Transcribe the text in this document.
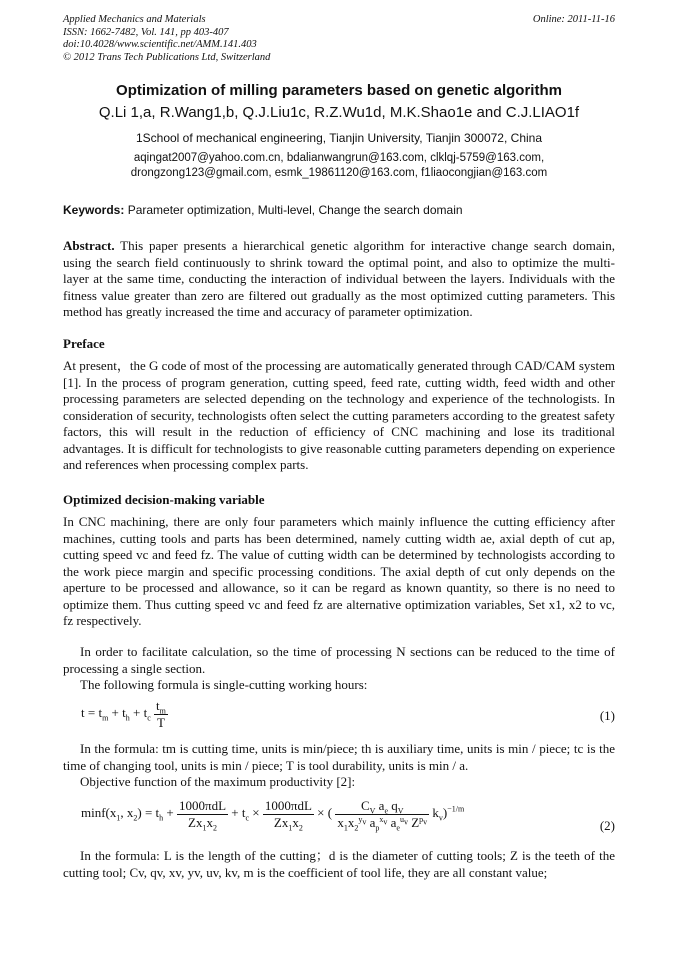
Applied Mechanics and Materials
ISSN: 1662-7482, Vol. 141, pp 403-407
doi:10.4028/www.scientific.net/AMM.141.403
© 2012 Trans Tech Publications Ltd, Switzerland
Online: 2011-11-16
Optimization of milling parameters based on genetic algorithm
Q.Li 1,a, R.Wang1,b, Q.J.Liu1c, R.Z.Wu1d, M.K.Shao1e and C.J.LIAO1f
1School of mechanical engineering, Tianjin University, Tianjin 300072, China
aqingat2007@yahoo.com.cn, bdalianwangrun@163.com, clklqj-5759@163.com,
drongzong123@gmail.com, esmk_19861120@163.com, f1liaocongjian@163.com
Keywords: Parameter optimization, Multi-level, Change the search domain
Abstract. This paper presents a hierarchical genetic algorithm for interactive change search domain, using the search field continuously to shrink toward the optimal point, and also to optimize the multi-layer at the same time, conducting the interaction of individual between the layers. Individuals with the fitness value greater than zero are filtered out gradually as the most optimized cutting parameters. This method has greatly increased the time and accuracy of parameter optimization.
Preface
At present，the G code of most of the processing are automatically generated through CAD/CAM system [1]. In the process of program generation, cutting speed, feed rate, cutting width, feed width and other processing parameters are selected depending on the technology and experience of the technologists. In consideration of security, technologists often select the cutting parameters according to the greatest safety factors, this will result in the reduction of efficiency of CNC machining and lose its traditional advantages. It is difficult for technologists to give reasonable cutting parameters depending on experience and references when processing complex parts.
Optimized decision-making variable
In CNC machining, there are only four parameters which mainly influence the cutting efficiency after machines, cutting tools and parts has been determined, namely cutting width ae, axial depth of cut ap, cutting speed vc and feed fz. The value of cutting width can be determined by technologists according to the work piece margin and specific processing conditions. The axial depth of cut only depends on the aperture to be processed and allowance, so it can be regard as known quantity, so there is no need to optimize them. Thus cutting speed vc and feed fz are alternative optimization variables, Set x1, x2 to vc, fz respectively.
In order to facilitate calculation, so the time of processing N sections can be reduced to the time of processing a single section.
The following formula is single-cutting working hours:
$t = t_m + t_h + t_c \frac{t_m}{T}$	(1)
In the formula: tm is cutting time, units is min/piece; th is auxiliary time, units is min / piece; tc is the time of changing tool, units is min / piece; T is tool durability, units is min / a.
Objective function of the maximum productivity [2]:
$\min f(x_1$, $x_2) = t_h + \frac{\text{1000πdL}}{Zx_1x_2} + t_c \times \frac{\text{1000πdL}}{Zx_1x_2}$ × ( $\frac{C_V a_e q_V}{x_1x_2^{y_v} a_p^{x_v} a_e^{u_v} Z^{p_v}} k_v)^{-1/m}$
(2)
In the formula: L is the length of the cutting；d is the diameter of cutting tools; Z is the teeth of the cutting tool; Cv, qv, xv, yv, uv, kv, m is the coefficient of tool life, they are all constant value;
